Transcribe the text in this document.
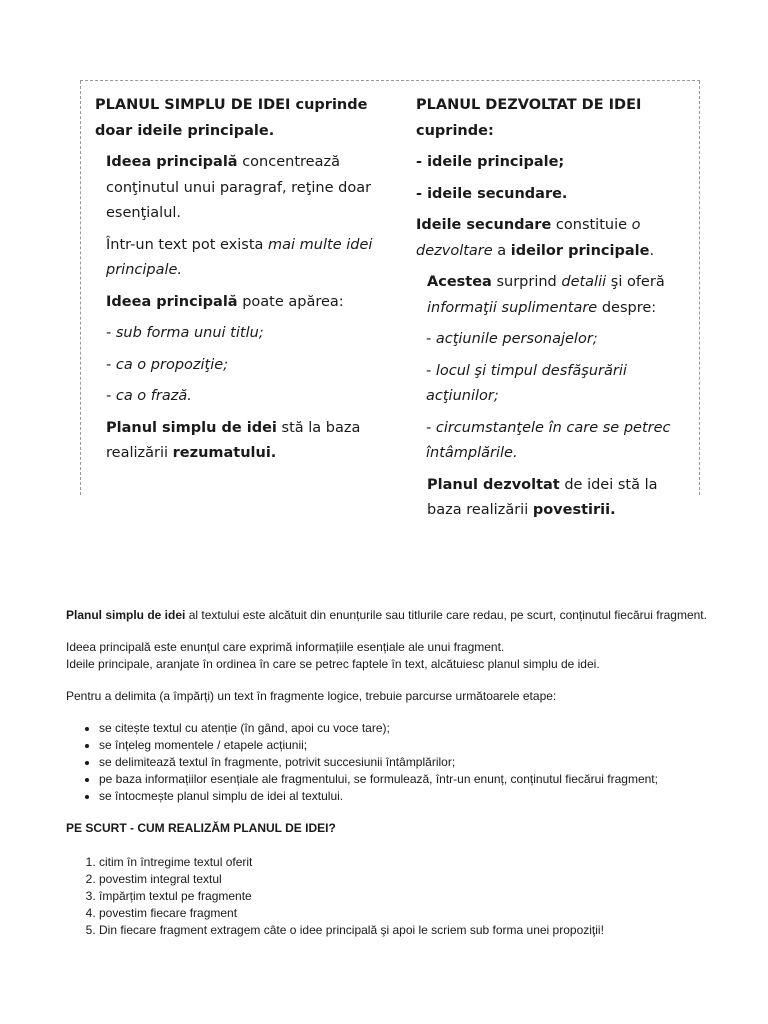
PLANUL SIMPLU DE IDEI cuprinde doar ideile principale.

Ideea principală concentrează conţinutul unui paragraf, reţine doar esenţialul.

Într-un text pot exista mai multe idei principale.

Ideea principală poate apărea:

- sub forma unui titlu;

- ca o propoziţie;

- ca o frază.

Planul simplu de idei stă la baza realizării rezumatului.

PLANUL DEZVOLTAT DE IDEI cuprinde:

- ideile principale;

- ideile secundare.

Ideile secundare constituie o dezvoltare a ideilor principale.

Acestea surprind detalii şi oferă informaţii suplimentare despre:

- acţiunile personajelor;

- locul şi timpul desfăşurării acţiunilor;

- circumstanţele în care se petrec întâmplările.

Planul dezvoltat de idei stă la baza realizării povestirii.

Planul simplu de idei al textului este alcătuit din enunțurile sau titlurile care redau, pe scurt, conținutul fiecărui fragment.

Ideea principală este enunțul care exprimă informațiile esențiale ale unui fragment.
Ideile principale, aranjate în ordinea în care se petrec faptele în text, alcătuiesc planul simplu de idei.

Pentru a delimita (a împărți) un text în fragmente logice, trebuie parcurse următoarele etape:

• se citește textul cu atenție (în gând, apoi cu voce tare);
• se înțeleg momentele / etapele acțiunii;
• se delimitează textul în fragmente, potrivit succesiunii întâmplărilor;
• pe baza informațiilor esențiale ale fragmentului, se formulează, într-un enunț, conținutul fiecărui fragment;
• se întocmește planul simplu de idei al textului.
PE SCURT - CUM REALIZĂM PLANUL DE IDEI?
1. citim în întregime textul oferit
2. povestim integral textul
3. împărțim textul pe fragmente
4. povestim fiecare fragment
5. Din fiecare fragment extragem câte o idee principală şi apoi le scriem sub forma unei propoziţii!
